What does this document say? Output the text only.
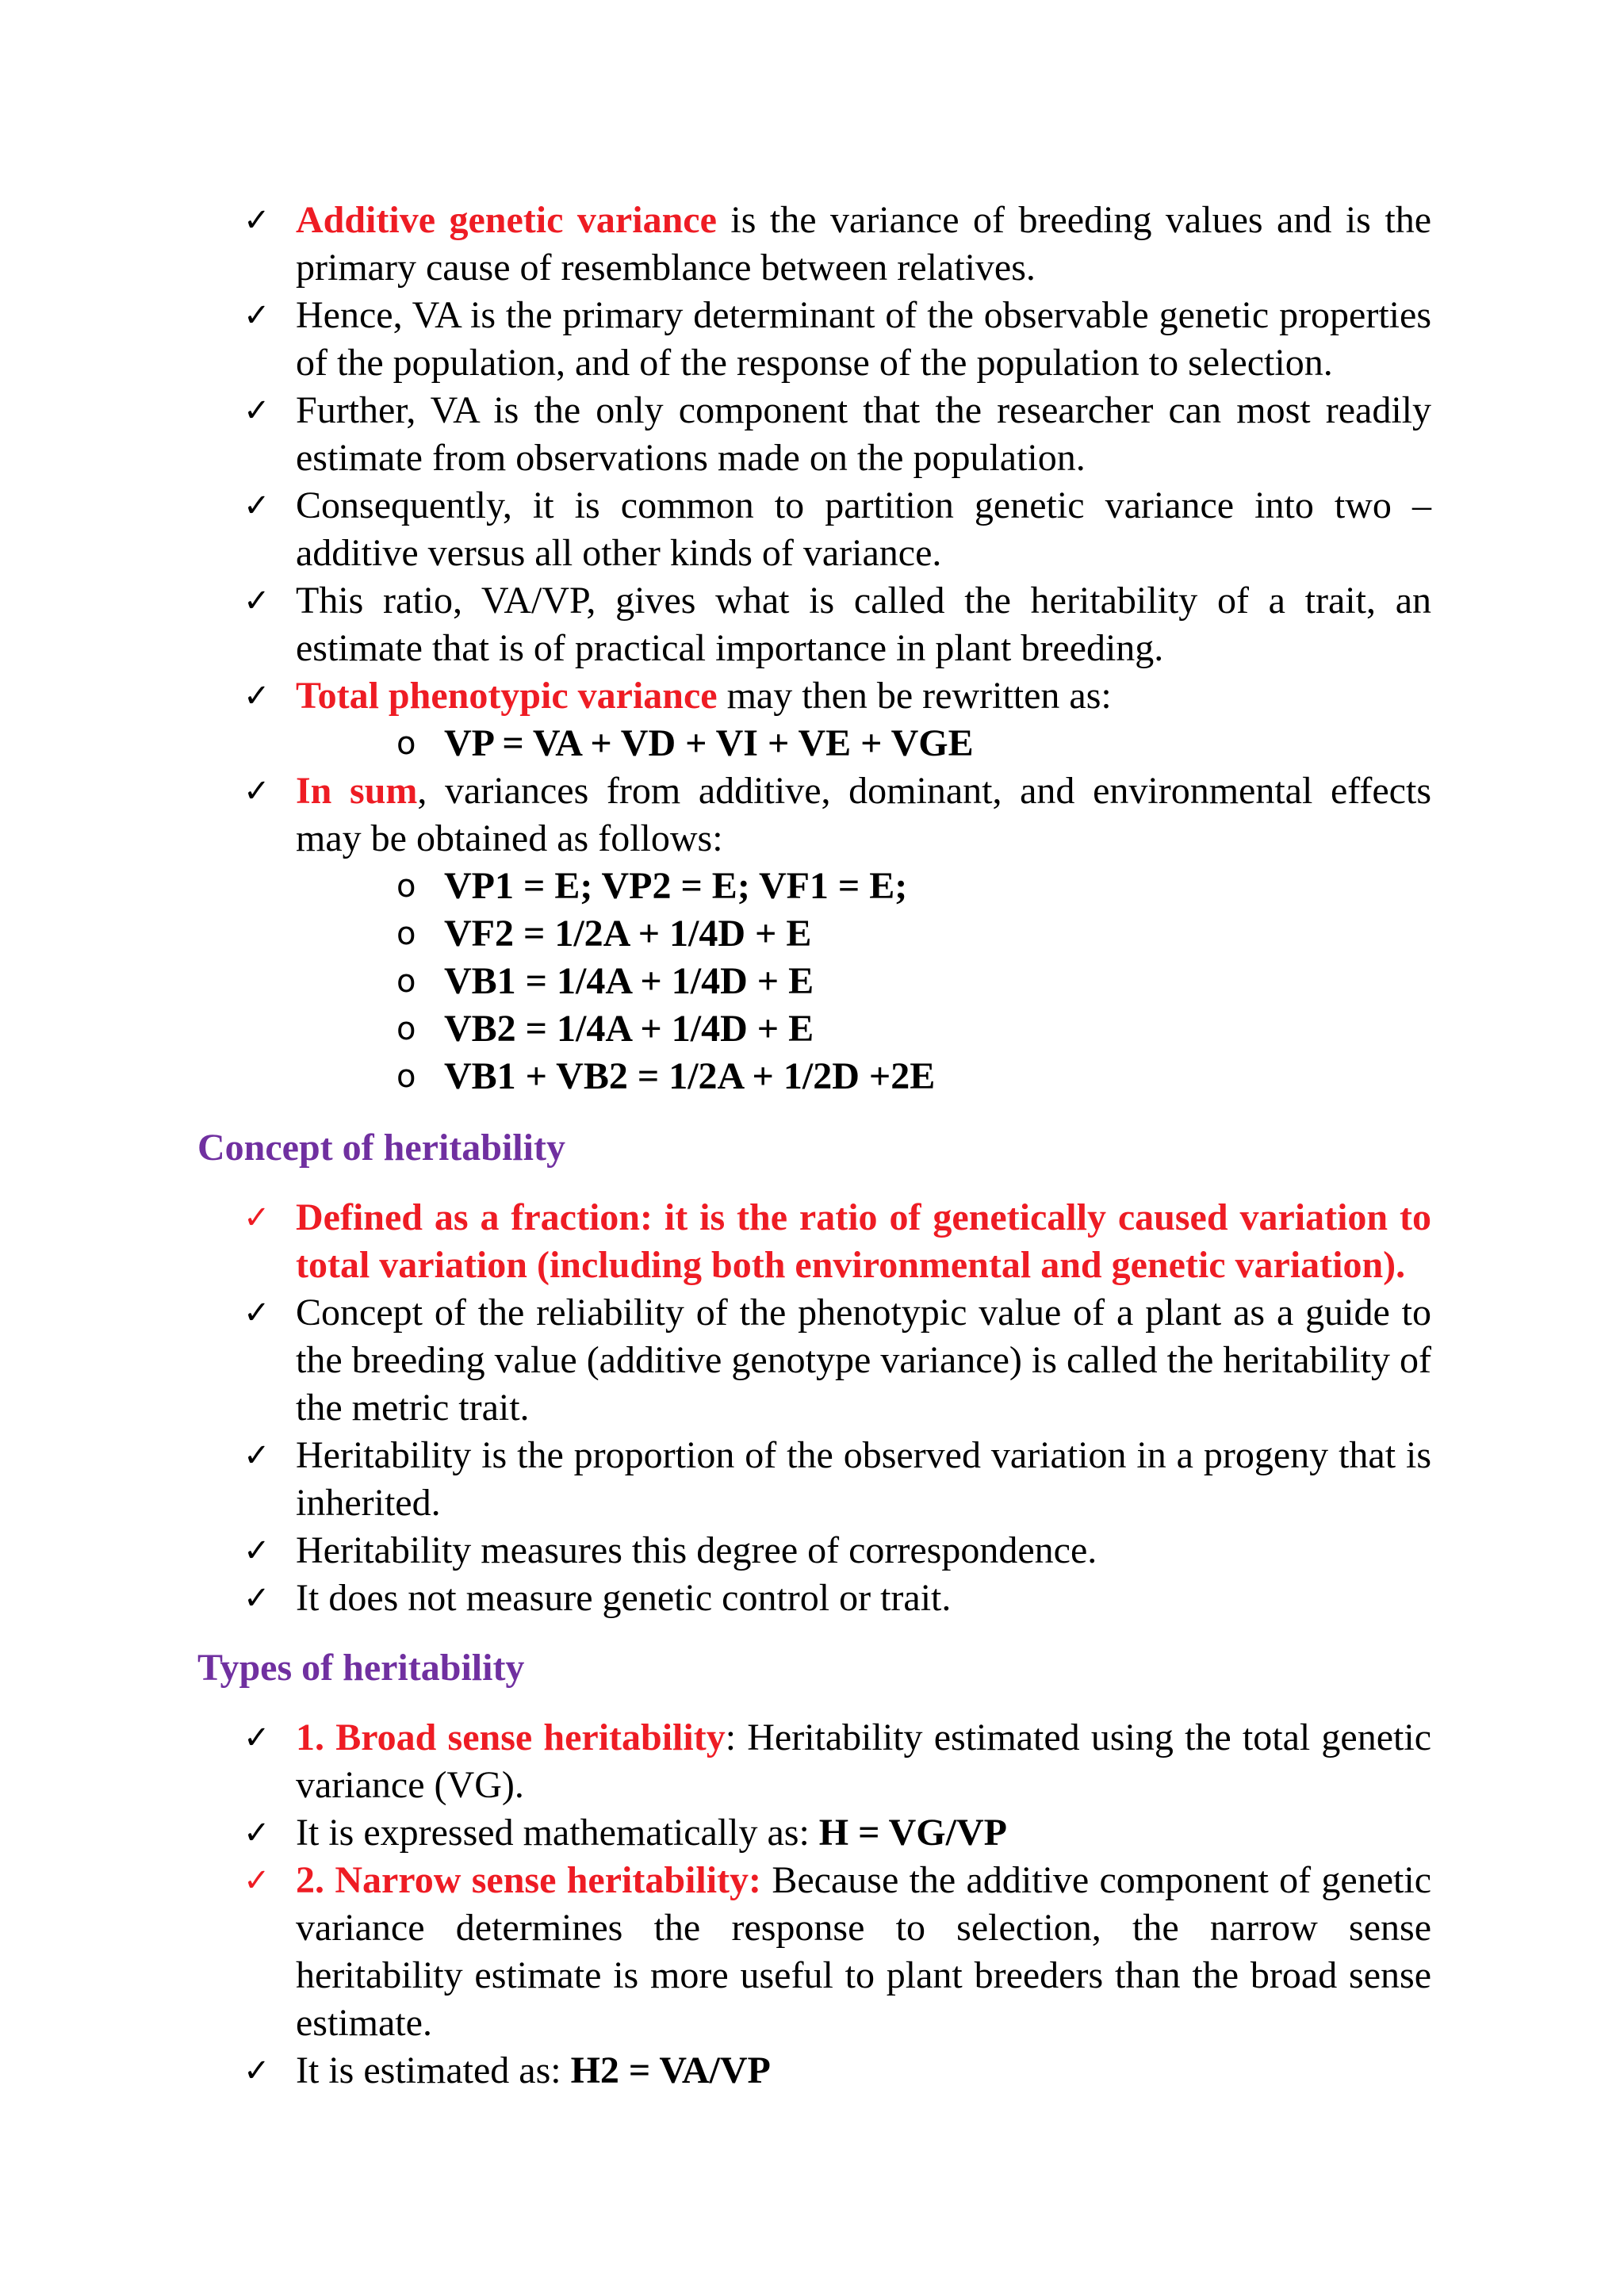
✓ Additive genetic variance is the variance of breeding values and is the primary cause of resemblance between relatives.

✓ Hence, VA is the primary determinant of the observable genetic properties of the population, and of the response of the population to selection.

✓ Further, VA is the only component that the researcher can most readily estimate from observations made on the population.

✓ Consequently, it is common to partition genetic variance into two – additive versus all other kinds of variance.

✓ This ratio, VA/VP, gives what is called the heritability of a trait, an estimate that is of practical importance in plant breeding.

✓ Total phenotypic variance may then be rewritten as:

o VP = VA + VD + VI + VE + VGE
✓ In sum, variances from additive, dominant, and environmental effects may be obtained as follows:

o VP1 = E; VP2 = E; VF1 = E;
o VF2 = 1/2A + 1/4D + E
o VB1 = 1/4A + 1/4D + E
o VB2 = 1/4A + 1/4D + E
o VB1 + VB2 = 1/2A + 1/2D +2E
Concept of heritability
✓ Defined as a fraction: it is the ratio of genetically caused variation to total variation (including both environmental and genetic variation).

✓ Concept of the reliability of the phenotypic value of a plant as a guide to the breeding value (additive genotype variance) is called the heritability of the metric trait.

✓ Heritability is the proportion of the observed variation in a progeny that is inherited.

✓ Heritability measures this degree of correspondence.

✓ It does not measure genetic control or trait.

Types of heritability
✓ 1. Broad sense heritability: Heritability estimated using the total genetic variance (VG).

✓ It is expressed mathematically as: H = VG/VP

✓ 2. Narrow sense heritability: Because the additive component of genetic variance determines the response to selection, the narrow sense heritability estimate is more useful to plant breeders than the broad sense estimate.

✓ It is estimated as: H2 = VA/VP
